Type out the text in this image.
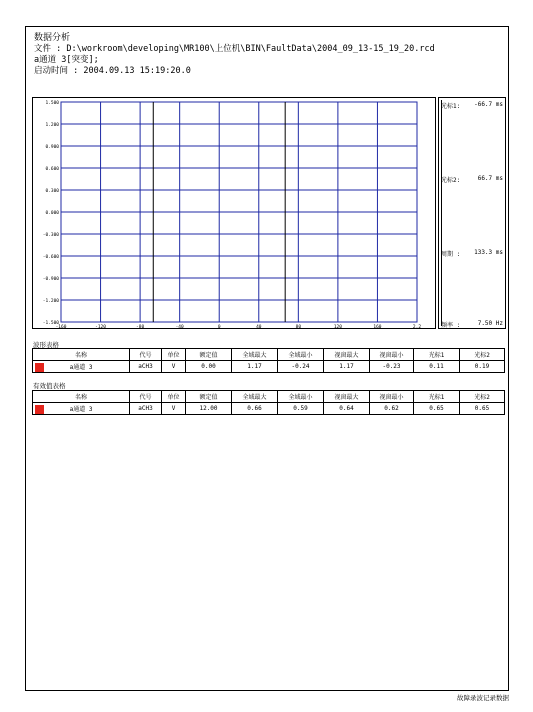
数据分析
文件 : D:\workroom\developing\MR100\上位机\BIN\FaultData\2004_09_13-15_19_20.rcd
a通道 3[突变];
启动时间 : 2004.09.13 15:19:20.0
1.500
1.200
0.900
0.600
0.300
0.000
-0.300
-0.600
-0.900
-1.200
-1.500
-160	-120	-80	-40	0	40	80	120	160	2.2
光标1: -66.7 ms
光标2:	66.7 ms
周期 : 133.3 ms
频率 :	7.50 Hz
波形表格
名称	代号	单位	额定值	全域最大	全域最小	视窗最大	视窗最小	光标1	光标2
a通道 3	aCH3	V	0.00	1.17	-0.24	1.17	-0.23	0.11	0.19
有效值表格
名称	代号	单位	额定值	全域最大	全域最小	视窗最大	视窗最小	光标1	光标2
a通道 3	aCH3	V	12.00	0.66	0.59	0.64	0.62	0.65	0.65
故障录波记录数据
